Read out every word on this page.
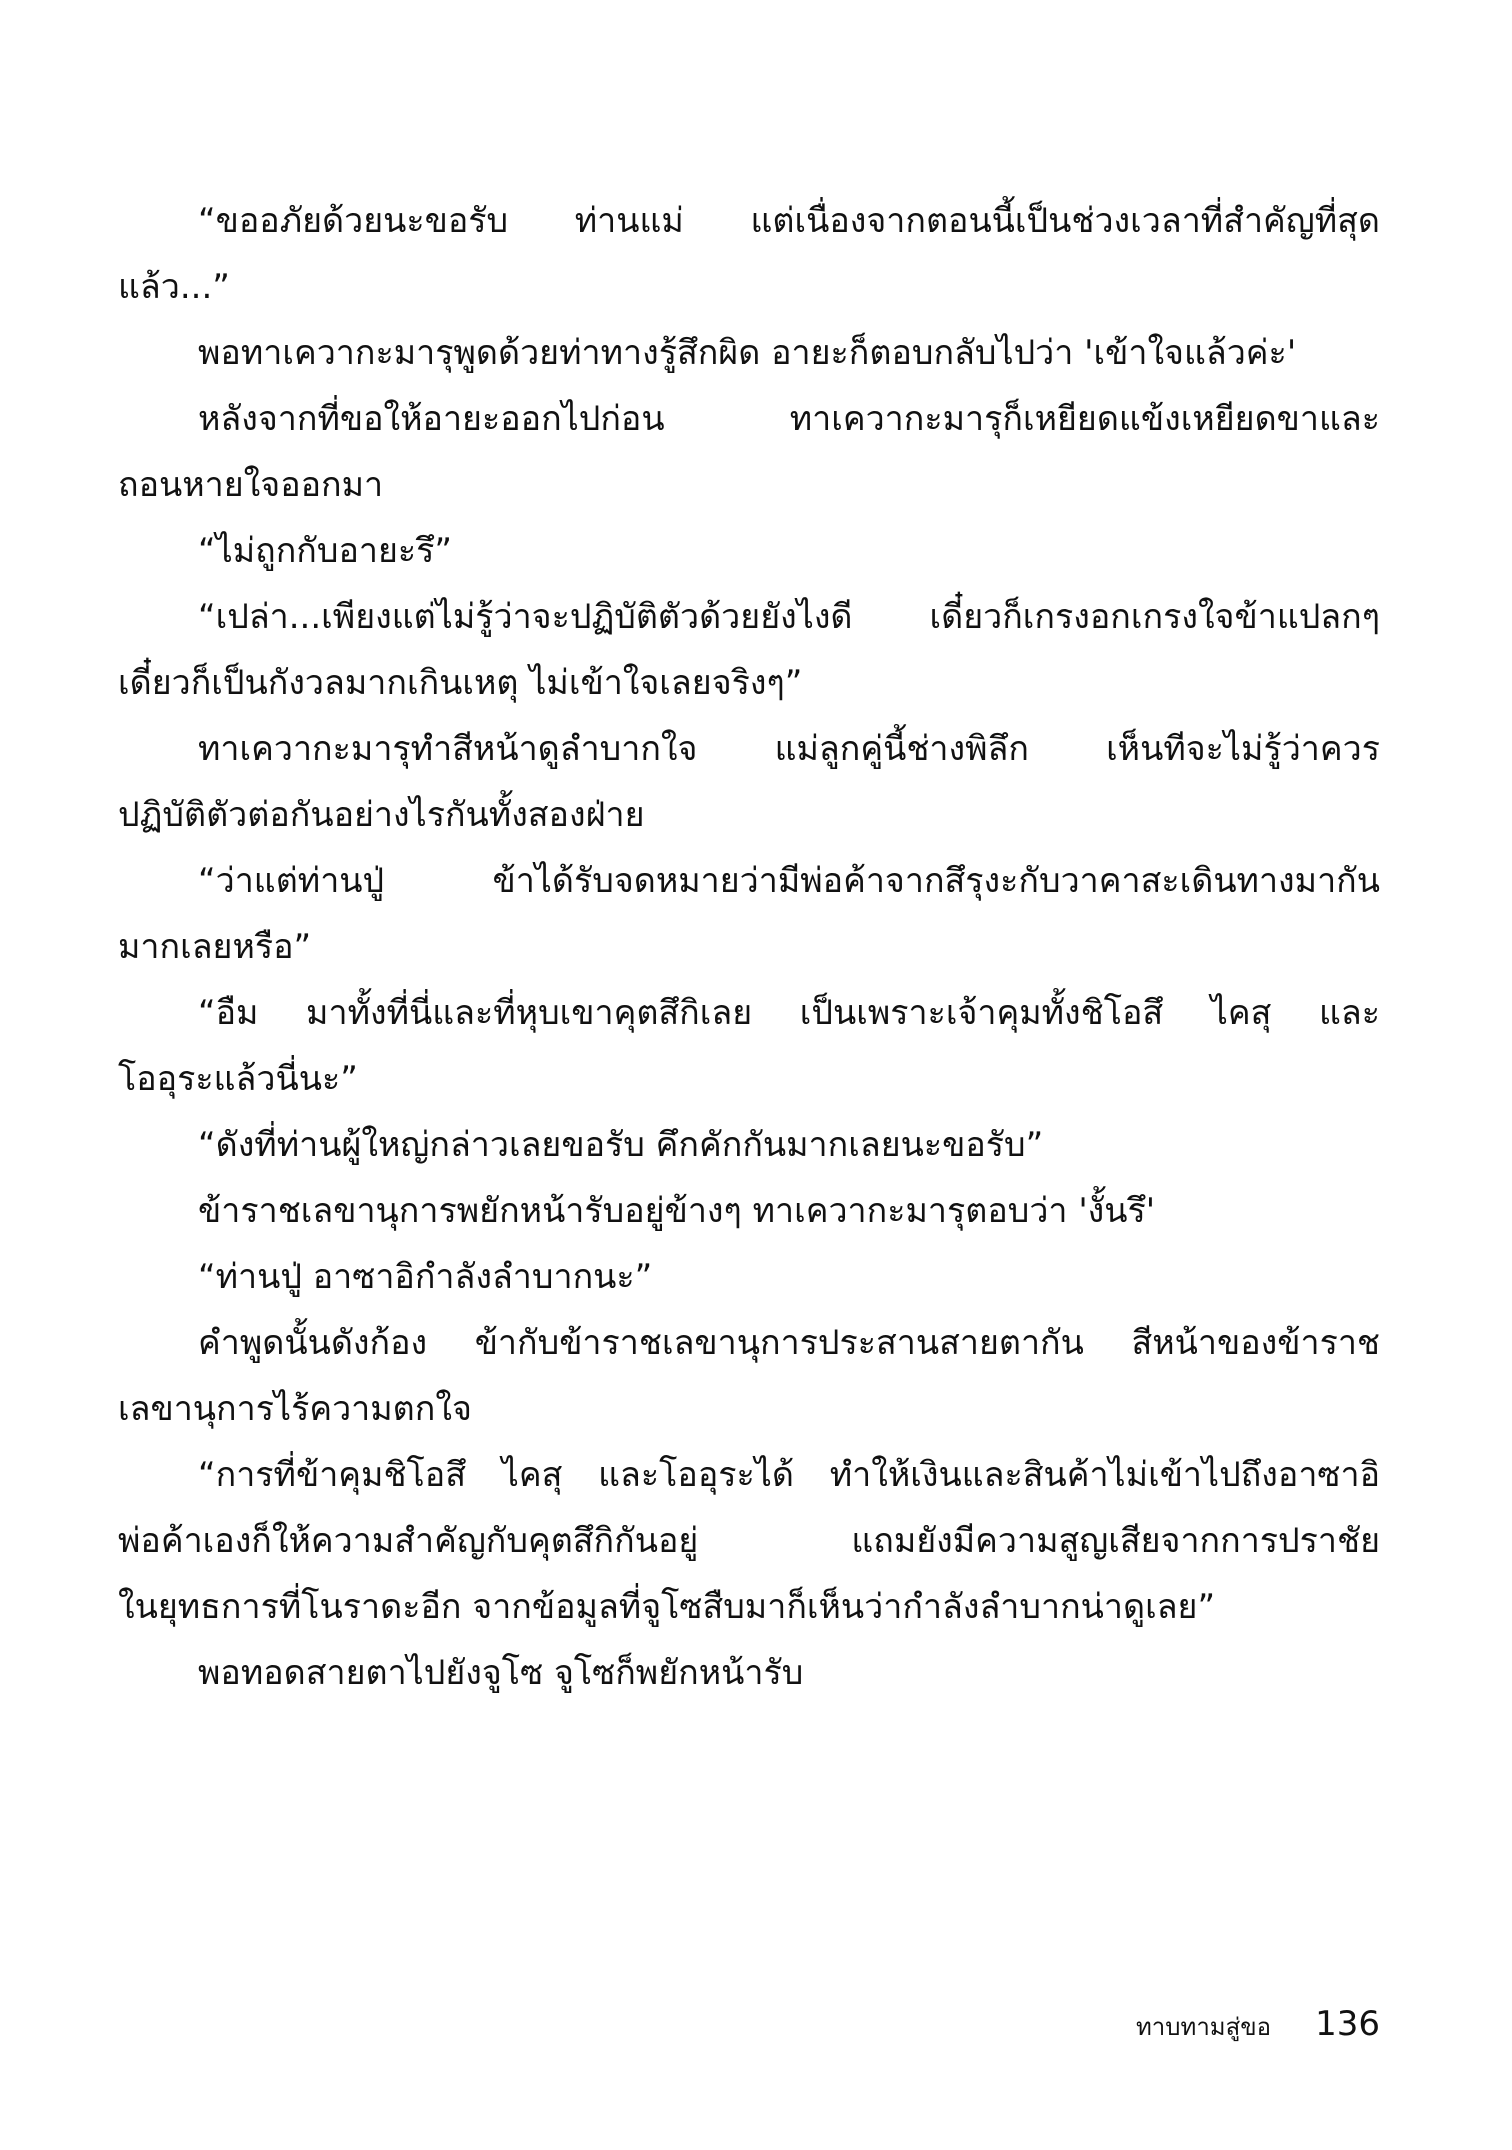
“ขออภัยด้วยนะขอรับ ท่านแม่ แต่เนื่องจากตอนนี้เป็นช่วงเวลาที่สำคัญที่สุด
แล้ว...”
พอทาเควากะมารุพูดด้วยท่าทางรู้สึกผิด อายะก็ตอบกลับไปว่า 'เข้าใจแล้วค่ะ'
หลังจากที่ขอให้อายะออกไปก่อน ทาเควากะมารุก็เหยียดแข้งเหยียดขาและ
ถอนหายใจออกมา
“ไม่ถูกกับอายะรึ”
“เปล่า...เพียงแต่ไม่รู้ว่าจะปฏิบัติตัวด้วยยังไงดี เดี๋ยวก็เกรงอกเกรงใจข้าแปลกๆ
เดี๋ยวก็เป็นกังวลมากเกินเหตุ ไม่เข้าใจเลยจริงๆ”
ทาเควากะมารุทำสีหน้าดูลำบากใจ แม่ลูกคู่นี้ช่างพิลึก เห็นทีจะไม่รู้ว่าควร
ปฏิบัติตัวต่อกันอย่างไรกันทั้งสองฝ่าย
“ว่าแต่ท่านปู่ ข้าได้รับจดหมายว่ามีพ่อค้าจากสึรุงะกับวาคาสะเดินทางมากัน
มากเลยหรือ”
“อืม มาทั้งที่นี่และที่หุบเขาคุตสึกิเลย เป็นเพราะเจ้าคุมทั้งชิโอสึ ไคสุ และ
โออุระแล้วนี่นะ”
“ดังที่ท่านผู้ใหญ่กล่าวเลยขอรับ คึกคักกันมากเลยนะขอรับ”
ข้าราชเลขานุการพยักหน้ารับอยู่ข้างๆ ทาเควากะมารุตอบว่า 'งั้นรึ'
“ท่านปู่ อาซาอิกำลังลำบากนะ”
คำพูดนั้นดังก้อง ข้ากับข้าราชเลขานุการประสานสายตากัน สีหน้าของข้าราช
เลขานุการไร้ความตกใจ
“การที่ข้าคุมชิโอสึ ไคสุ และโออุระได้ ทำให้เงินและสินค้าไม่เข้าไปถึงอาซาอิ
พ่อค้าเองก็ให้ความสำคัญกับคุตสึกิกันอยู่ แถมยังมีความสูญเสียจากการปราชัย
ในยุทธการที่โนราดะอีก จากข้อมูลที่จูโซสืบมาก็เห็นว่ากำลังลำบากน่าดูเลย”
พอทอดสายตาไปยังจูโซ จูโซก็พยักหน้ารับ
ทาบทามสู่ขอ 136
